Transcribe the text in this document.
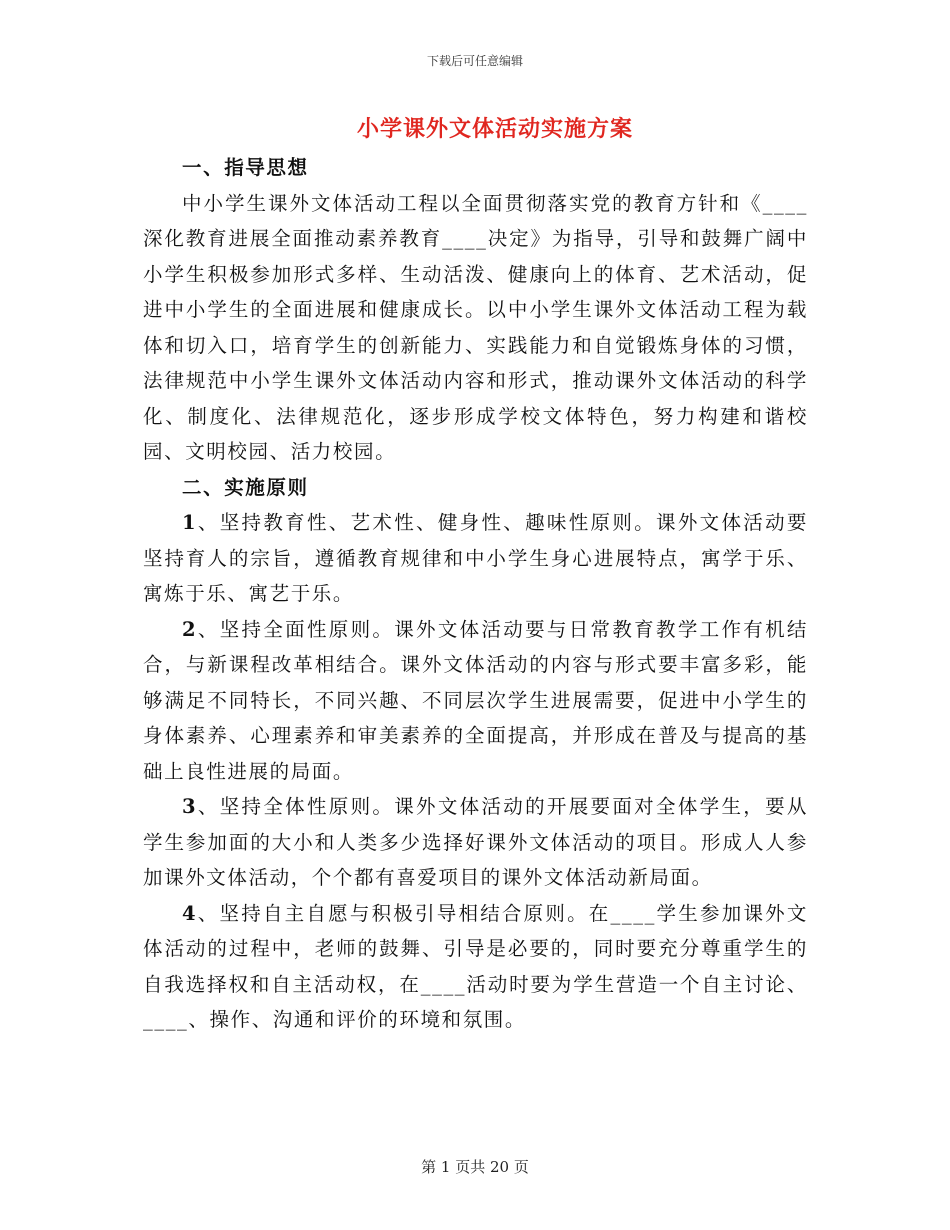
下载后可任意编辑
小学课外文体活动实施方案
一、指导思想

中小学生课外文体活动工程以全面贯彻落实党的教育方针和《____深化教育进展全面推动素养教育____决定》为指导，引导和鼓舞广阔中小学生积极参加形式多样、生动活泼、健康向上的体育、艺术活动，促进中小学生的全面进展和健康成长。以中小学生课外文体活动工程为载体和切入口，培育学生的创新能力、实践能力和自觉锻炼身体的习惯，法律规范中小学生课外文体活动内容和形式，推动课外文体活动的科学化、制度化、法律规范化，逐步形成学校文体特色，努力构建和谐校园、文明校园、活力校园。

二、实施原则

1、坚持教育性、艺术性、健身性、趣味性原则。课外文体活动要坚持育人的宗旨，遵循教育规律和中小学生身心进展特点，寓学于乐、寓炼于乐、寓艺于乐。

2、坚持全面性原则。课外文体活动要与日常教育教学工作有机结合，与新课程改革相结合。课外文体活动的内容与形式要丰富多彩，能够满足不同特长，不同兴趣、不同层次学生进展需要，促进中小学生的身体素养、心理素养和审美素养的全面提高，并形成在普及与提高的基础上良性进展的局面。

3、坚持全体性原则。课外文体活动的开展要面对全体学生，要从学生参加面的大小和人类多少选择好课外文体活动的项目。形成人人参加课外文体活动，个个都有喜爱项目的课外文体活动新局面。

4、坚持自主自愿与积极引导相结合原则。在____学生参加课外文体活动的过程中，老师的鼓舞、引导是必要的，同时要充分尊重学生的自我选择权和自主活动权，在____活动时要为学生营造一个自主讨论、____、操作、沟通和评价的环境和氛围。

第 1 页共 20 页
